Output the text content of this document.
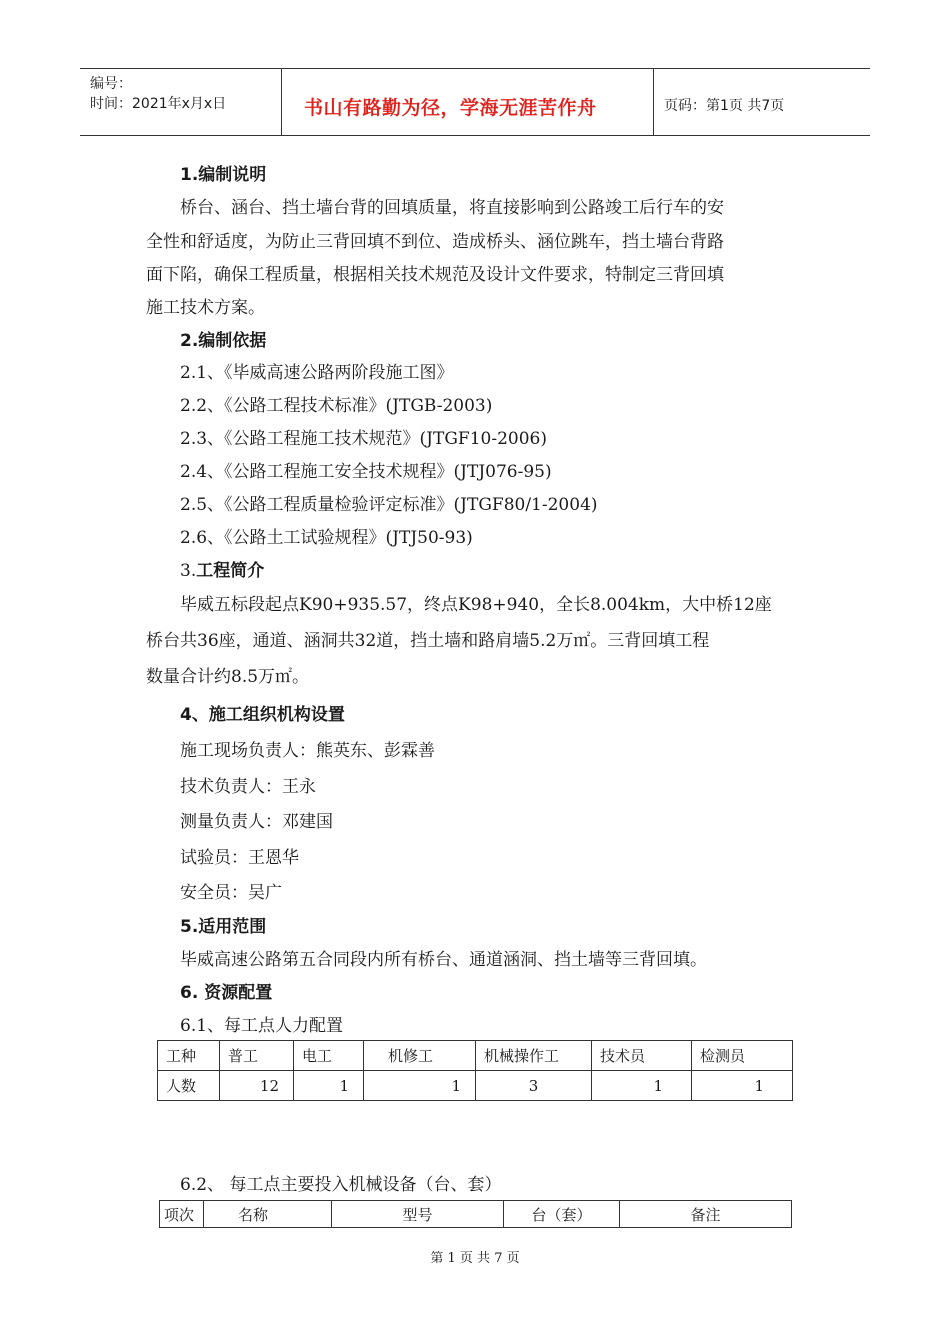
编号：
时间：2021年x月x日	书山有路勤为径，学海无涯苦作舟	页码：第1页 共7页
1.编制说明
桥台、涵台、挡土墙台背的回填质量，将直接影响到公路竣工后行车的安
全性和舒适度，为防止三背回填不到位、造成桥头、涵位跳车，挡土墙台背路
面下陷，确保工程质量，根据相关技术规范及设计文件要求，特制定三背回填
施工技术方案。
2.编制依据
2.1、《毕威高速公路两阶段施工图》
2.2、《公路工程技术标准》(JTGB-2003)
2.3、《公路工程施工技术规范》(JTGF10-2006)
2.4、《公路工程施工安全技术规程》(JTJ076-95)
2.5、《公路工程质量检验评定标准》(JTGF80/1-2004)
2.6、《公路土工试验规程》(JTJ50-93)
3.工程简介
毕威五标段起点K90+935.57，终点K98+940，全长8.004km，大中桥12座
桥台共36座，通道、涵洞共32道，挡土墙和路肩墙5.2万㎡。三背回填工程
数量合计约8.5万㎡。
4、施工组织机构设置
施工现场负责人：熊英东、彭霖善
技术负责人：王永
测量负责人：邓建国
试验员：王恩华
安全员：吴广
5.适用范围
毕威高速公路第五合同段内所有桥台、通道涵洞、挡土墙等三背回填。
6. 资源配置
6.1、每工点人力配置
工种	普工	电工	机修工	机械操作工	技术员	检测员
人数	12	1	1	3	1	1
6.2、 每工点主要投入机械设备（台、套）
项次	名称	型号	台（套）	备注
第 1 页 共 7 页
